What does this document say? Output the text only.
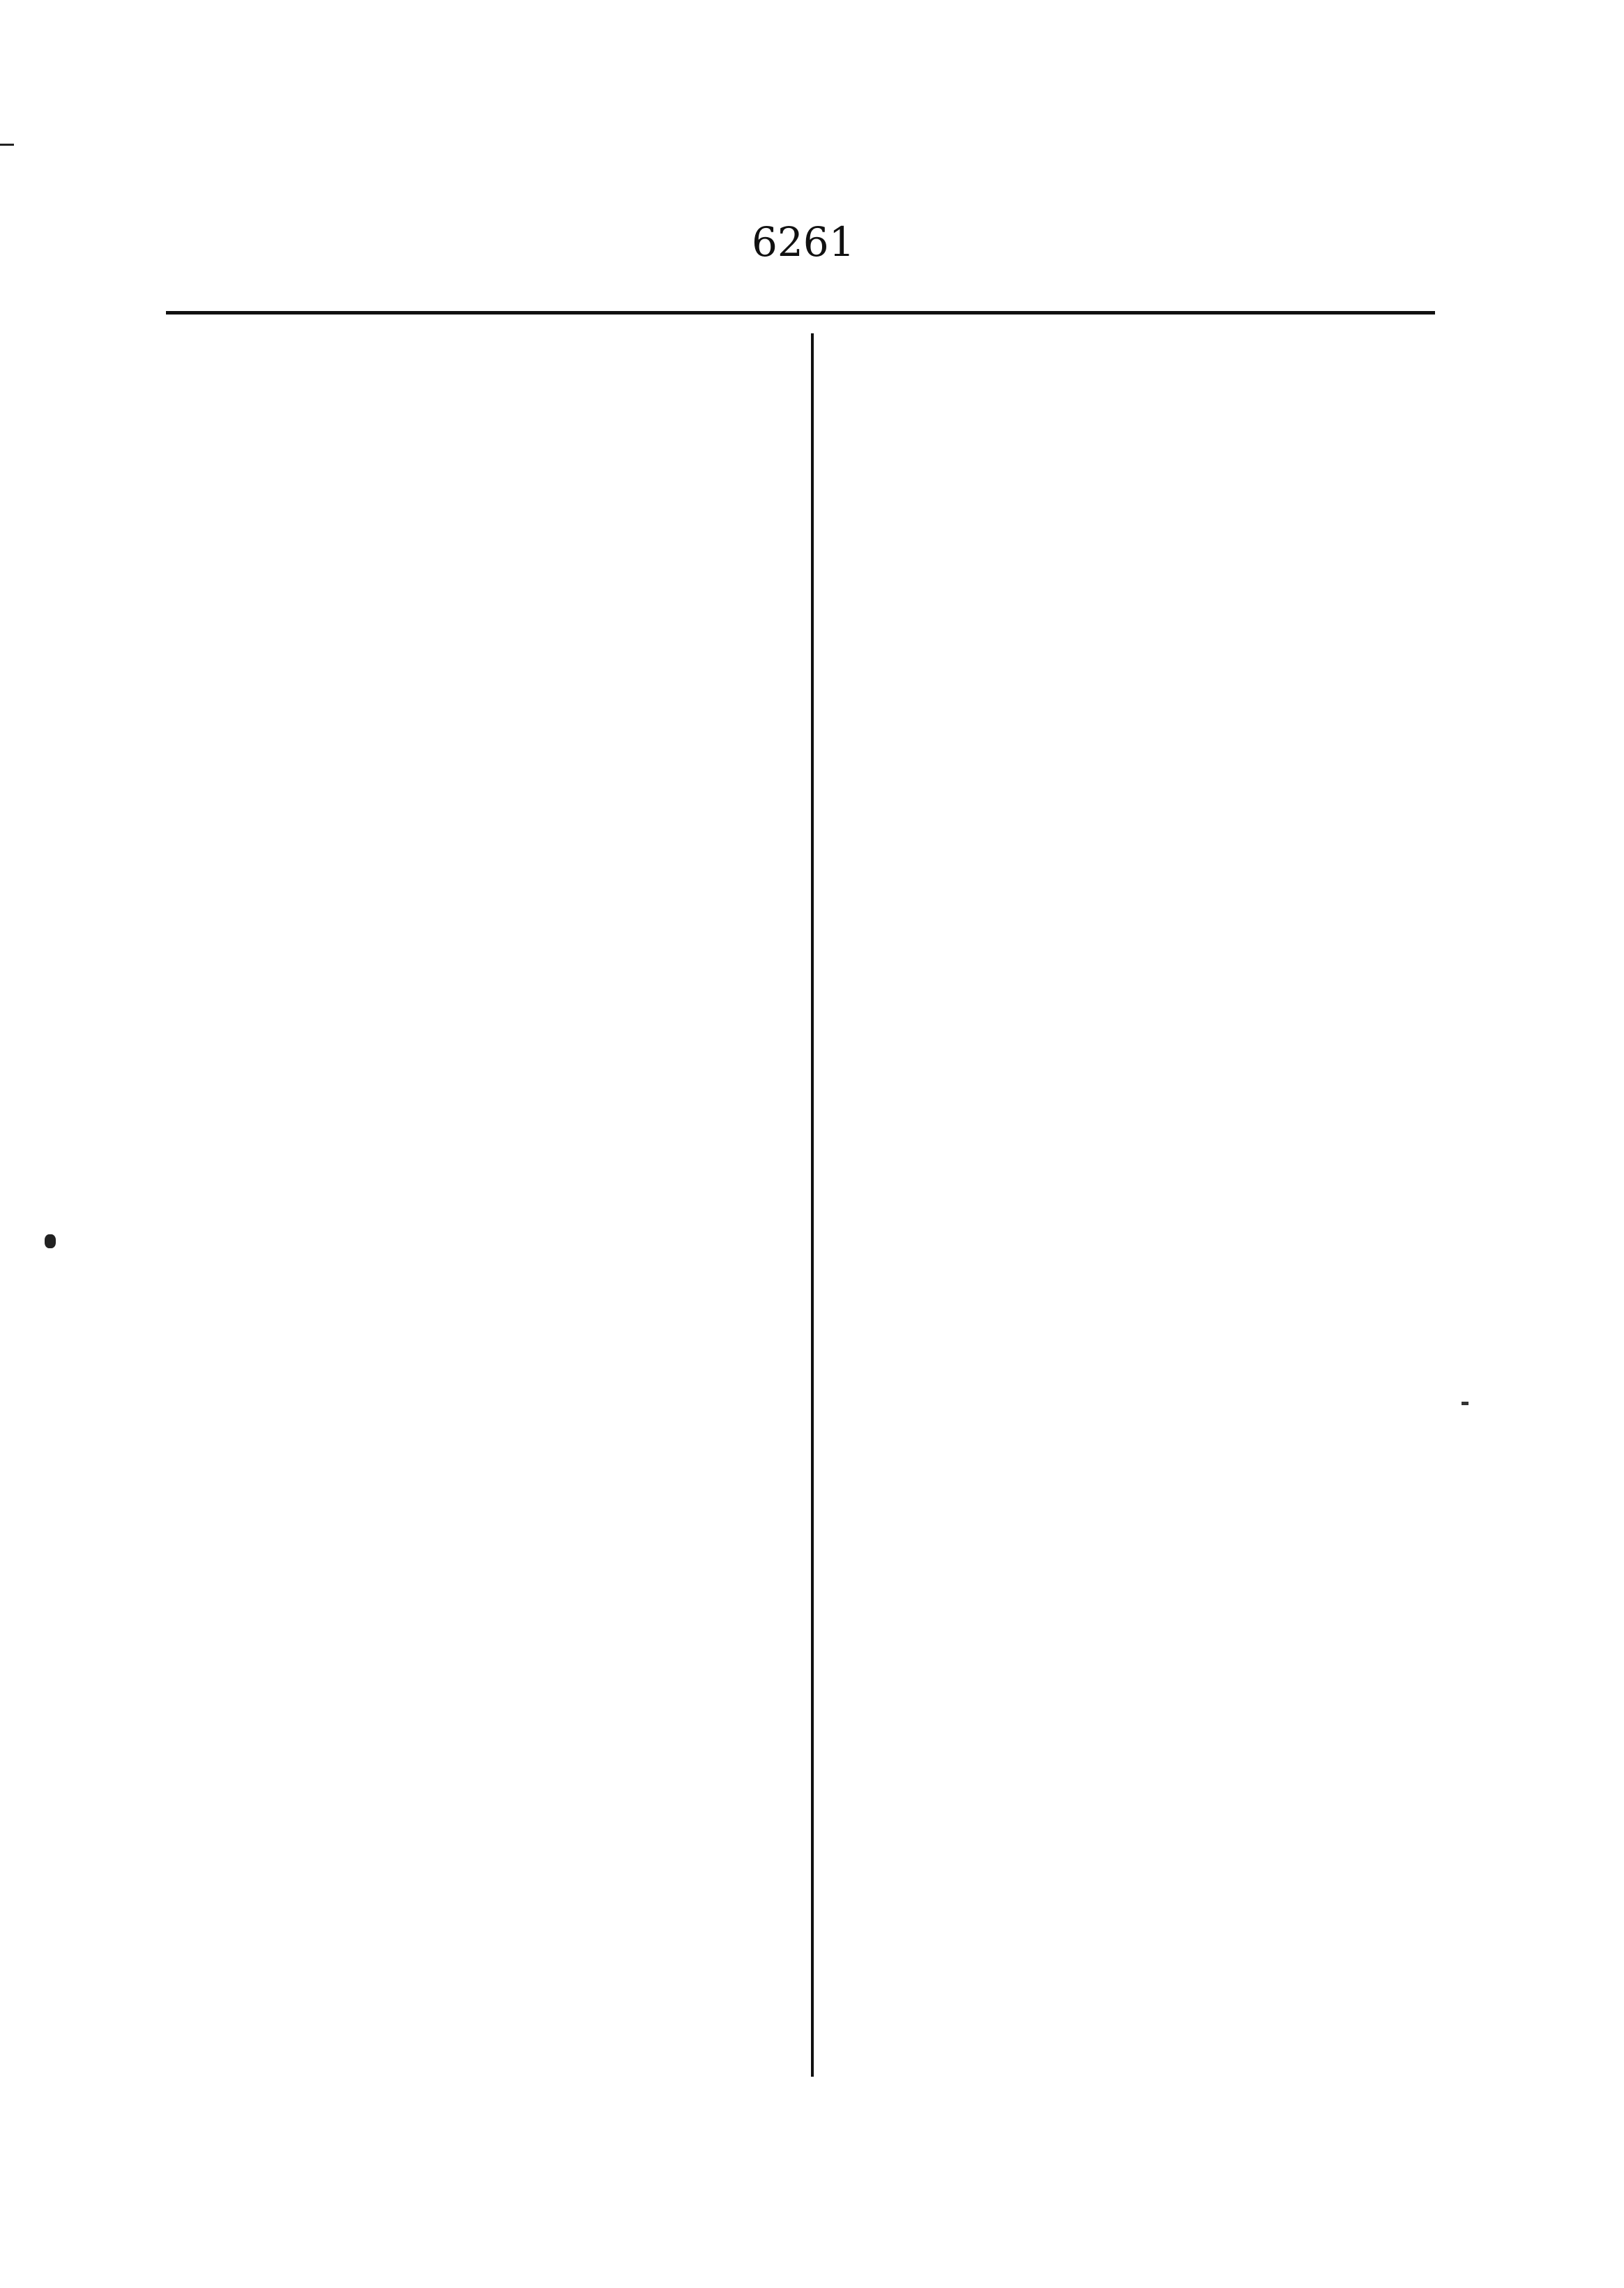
6261
